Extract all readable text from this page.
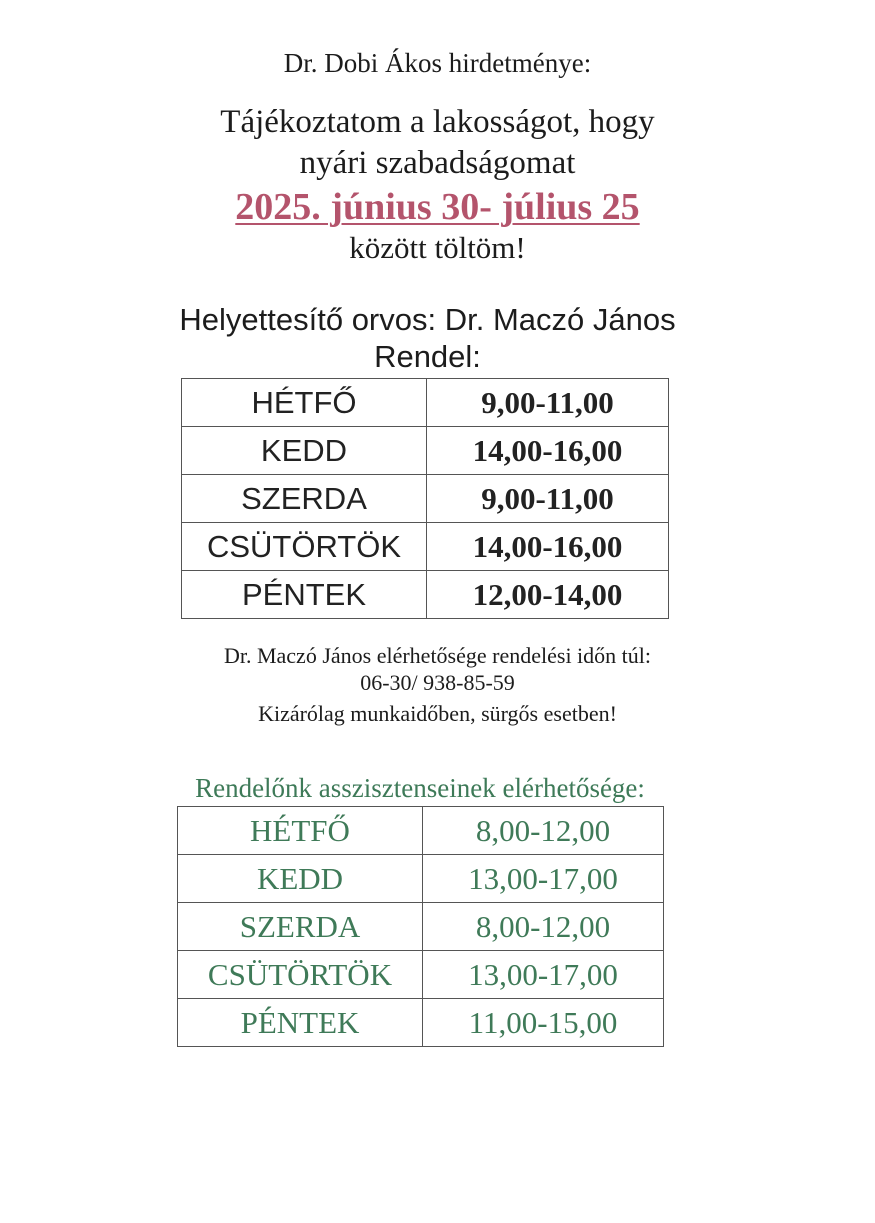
Dr. Dobi Ákos hirdetménye:
Tájékoztatom a lakosságot, hogy
nyári szabadságomat
2025. június 30- július 25
között töltöm!
Helyettesítő orvos: Dr. Maczó János
Rendel:
HÉTFŐ	9,00-11,00
KEDD	14,00-16,00
SZERDA	9,00-11,00
CSÜTÖRTÖK	14,00-16,00
PÉNTEK	12,00-14,00
Dr. Maczó János elérhetősége rendelési időn túl:
06-30/ 938-85-59
Kizárólag munkaidőben, sürgős esetben!
Rendelőnk asszisztenseinek elérhetősége:
HÉTFŐ	8,00-12,00
KEDD	13,00-17,00
SZERDA	8,00-12,00
CSÜTÖRTÖK	13,00-17,00
PÉNTEK	11,00-15,00
